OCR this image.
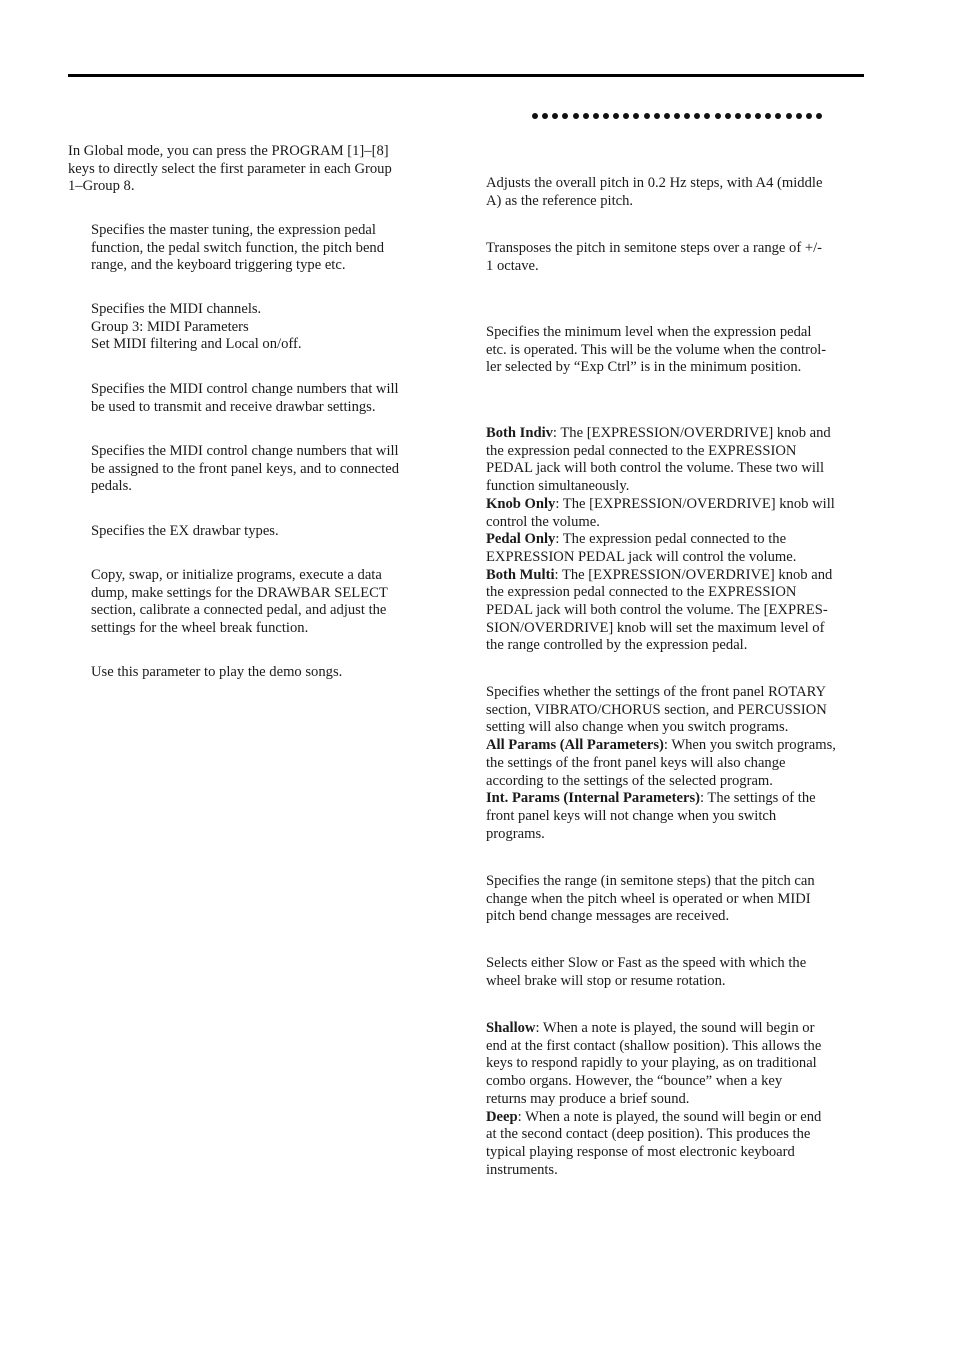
In Global mode, you can press the PROGRAM [1]–[8]
keys to directly select the first parameter in each Group
1–Group 8.

Specifies the master tuning, the expression pedal
function, the pedal switch function, the pitch bend
range, and the keyboard triggering type etc.

Specifies the MIDI channels.
Group 3: MIDI Parameters
Set MIDI filtering and Local on/off.

Specifies the MIDI control change numbers that will
be used to transmit and receive drawbar settings.

Specifies the MIDI control change numbers that will
be assigned to the front panel keys, and to connected
pedals.

Specifies the EX drawbar types.

Copy, swap, or initialize programs, execute a data
dump, make settings for the DRAWBAR SELECT
section, calibrate a connected pedal, and adjust the
settings for the wheel break function.

Use this parameter to play the demo songs.

Adjusts the overall pitch in 0.2 Hz steps, with A4 (middle
A) as the reference pitch.

Transposes the pitch in semitone steps over a range of +/-
1 octave.

Specifies the minimum level when the expression pedal
etc. is operated. This will be the volume when the control-
ler selected by “Exp Ctrl” is in the minimum position.

Both Indiv: The [EXPRESSION/OVERDRIVE] knob and
the expression pedal connected to the EXPRESSION
PEDAL jack will both control the volume. These two will
function simultaneously.
Knob Only: The [EXPRESSION/OVERDRIVE] knob will
control the volume.
Pedal Only: The expression pedal connected to the
EXPRESSION PEDAL jack will control the volume.
Both Multi: The [EXPRESSION/OVERDRIVE] knob and
the expression pedal connected to the EXPRESSION
PEDAL jack will both control the volume. The [EXPRES-
SION/OVERDRIVE] knob will set the maximum level of
the range controlled by the expression pedal.

Specifies whether the settings of the front panel ROTARY
section, VIBRATO/CHORUS section, and PERCUSSION
setting will also change when you switch programs.
All Params (All Parameters): When you switch programs,
the settings of the front panel keys will also change
according to the settings of the selected program.
Int. Params (Internal Parameters): The settings of the
front panel keys will not change when you switch
programs.

Specifies the range (in semitone steps) that the pitch can
change when the pitch wheel is operated or when MIDI
pitch bend change messages are received.

Selects either Slow or Fast as the speed with which the
wheel brake will stop or resume rotation.

Shallow: When a note is played, the sound will begin or
end at the first contact (shallow position). This allows the
keys to respond rapidly to your playing, as on traditional
combo organs. However, the “bounce” when a key
returns may produce a brief sound.
Deep: When a note is played, the sound will begin or end
at the second contact (deep position). This produces the
typical playing response of most electronic keyboard
instruments.
